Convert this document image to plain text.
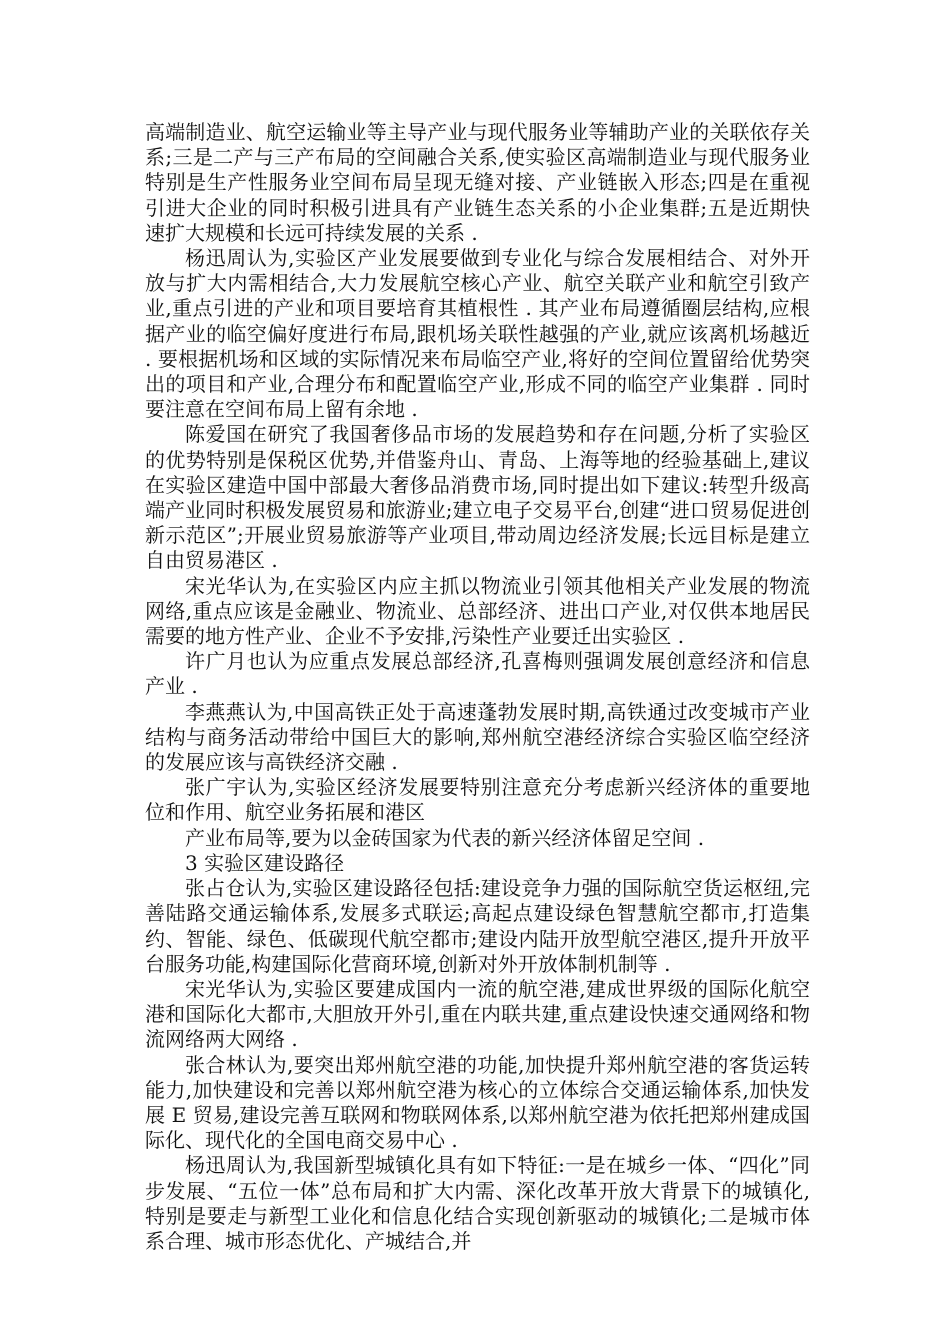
高端制造业、航空运输业等主导产业与现代服务业等辅助产业的关联依存关系;三是二产与三产布局的空间融合关系,使实验区高端制造业与现代服务业特别是生产性服务业空间布局呈现无缝对接、产业链嵌入形态;四是在重视引进大企业的同时积极引进具有产业链生态关系的小企业集群;五是近期快速扩大规模和长远可持续发展的关系 .

杨迅周认为,实验区产业发展要做到专业化与综合发展相结合、对外开放与扩大内需相结合,大力发展航空核心产业、航空关联产业和航空引致产业,重点引进的产业和项目要培育其植根性 . 其产业布局遵循圈层结构,应根据产业的临空偏好度进行布局,跟机场关联性越强的产业,就应该离机场越近 . 要根据机场和区域的实际情况来布局临空产业,将好的空间位置留给优势突出的项目和产业,合理分布和配置临空产业,形成不同的临空产业集群 . 同时要注意在空间布局上留有余地 .

陈爱国在研究了我国奢侈品市场的发展趋势和存在问题,分析了实验区的优势特别是保税区优势,并借鉴舟山、青岛、上海等地的经验基础上,建议在实验区建造中国中部最大奢侈品消费市场,同时提出如下建议:转型升级高端产业同时积极发展贸易和旅游业;建立电子交易平台,创建“进口贸易促进创新示范区”;开展业贸易旅游等产业项目,带动周边经济发展;长远目标是建立自由贸易港区 .

宋光华认为,在实验区内应主抓以物流业引领其他相关产业发展的物流网络,重点应该是金融业、物流业、总部经济、进出口产业,对仅供本地居民需要的地方性产业、企业不予安排,污染性产业要迁出实验区 .

许广月也认为应重点发展总部经济,孔喜梅则强调发展创意经济和信息产业 .

李燕燕认为,中国高铁正处于高速蓬勃发展时期,高铁通过改变城市产业结构与商务活动带给中国巨大的影响,郑州航空港经济综合实验区临空经济的发展应该与高铁经济交融 .

张广宇认为,实验区经济发展要特别注意充分考虑新兴经济体的重要地位和作用、航空业务拓展和港区

产业布局等,要为以金砖国家为代表的新兴经济体留足空间 .

3 实验区建设路径

张占仓认为,实验区建设路径包括:建设竞争力强的国际航空货运枢纽,完善陆路交通运输体系,发展多式联运;高起点建设绿色智慧航空都市,打造集约、智能、绿色、低碳现代航空都市;建设内陆开放型航空港区,提升开放平台服务功能,构建国际化营商环境,创新对外开放体制机制等 .

宋光华认为,实验区要建成国内一流的航空港,建成世界级的国际化航空港和国际化大都市,大胆放开外引,重在内联共建,重点建设快速交通网络和物流网络两大网络 .

张合林认为,要突出郑州航空港的功能,加快提升郑州航空港的客货运转能力,加快建设和完善以郑州航空港为核心的立体综合交通运输体系,加快发展 E 贸易,建设完善互联网和物联网体系,以郑州航空港为依托把郑州建成国际化、现代化的全国电商交易中心 .

杨迅周认为,我国新型城镇化具有如下特征:一是在城乡一体、“四化”同步发展、“五位一体”总布局和扩大内需、深化改革开放大背景下的城镇化,特别是要走与新型工业化和信息化结合实现创新驱动的城镇化;二是城市体系合理、城市形态优化、产城结合,并
